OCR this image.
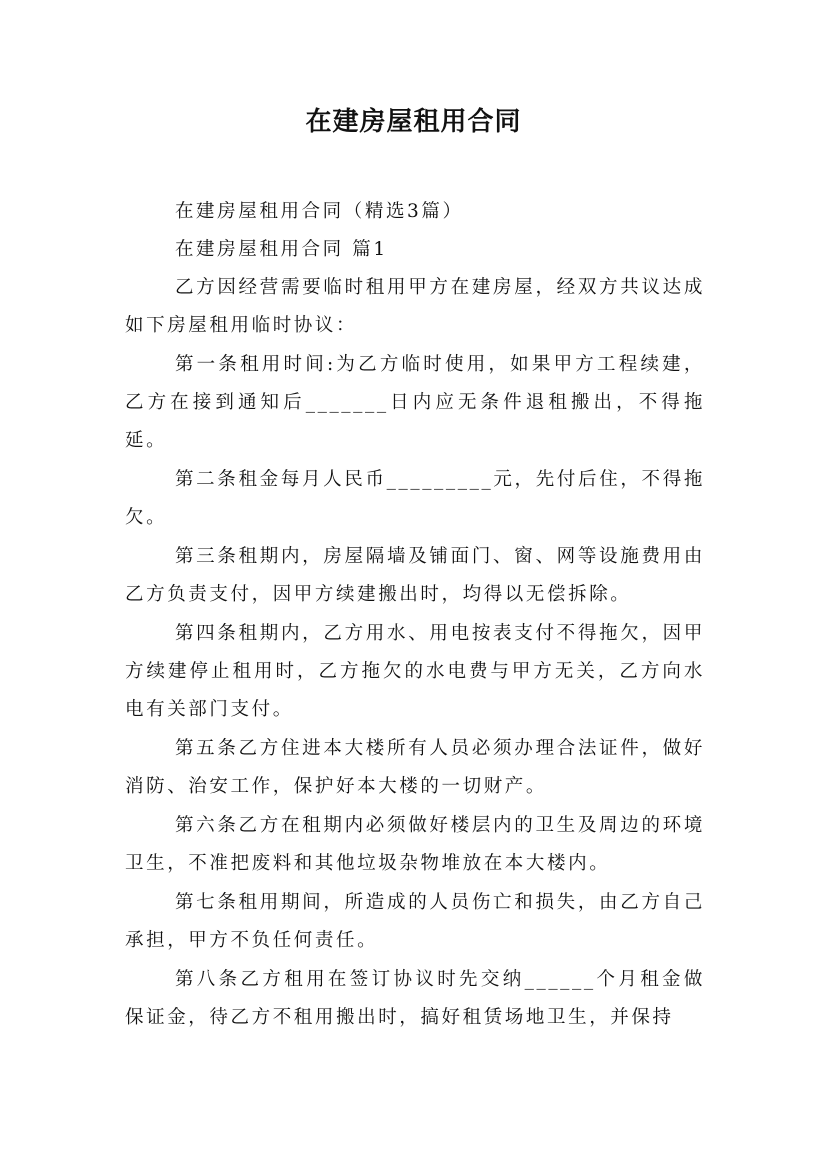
在建房屋租用合同

在建房屋租用合同（精选3篇）

在建房屋租用合同 篇1

乙方因经营需要临时租用甲方在建房屋，经双方共议达成如下房屋租用临时协议：

第一条租用时间:为乙方临时使用，如果甲方工程续建，乙方在接到通知后_______日内应无条件退租搬出，不得拖延。

第二条租金每月人民币_________元，先付后住，不得拖欠。

第三条租期内，房屋隔墙及铺面门、窗、网等设施费用由乙方负责支付，因甲方续建搬出时，均得以无偿拆除。

第四条租期内，乙方用水、用电按表支付不得拖欠，因甲方续建停止租用时，乙方拖欠的水电费与甲方无关，乙方向水电有关部门支付。

第五条乙方住进本大楼所有人员必须办理合法证件，做好消防、治安工作，保护好本大楼的一切财产。

第六条乙方在租期内必须做好楼层内的卫生及周边的环境卫生，不准把废料和其他垃圾杂物堆放在本大楼内。

第七条租用期间，所造成的人员伤亡和损失，由乙方自己承担，甲方不负任何责任。

第八条乙方租用在签订协议时先交纳______个月租金做保证金，待乙方不租用搬出时，搞好租赁场地卫生，并保持
